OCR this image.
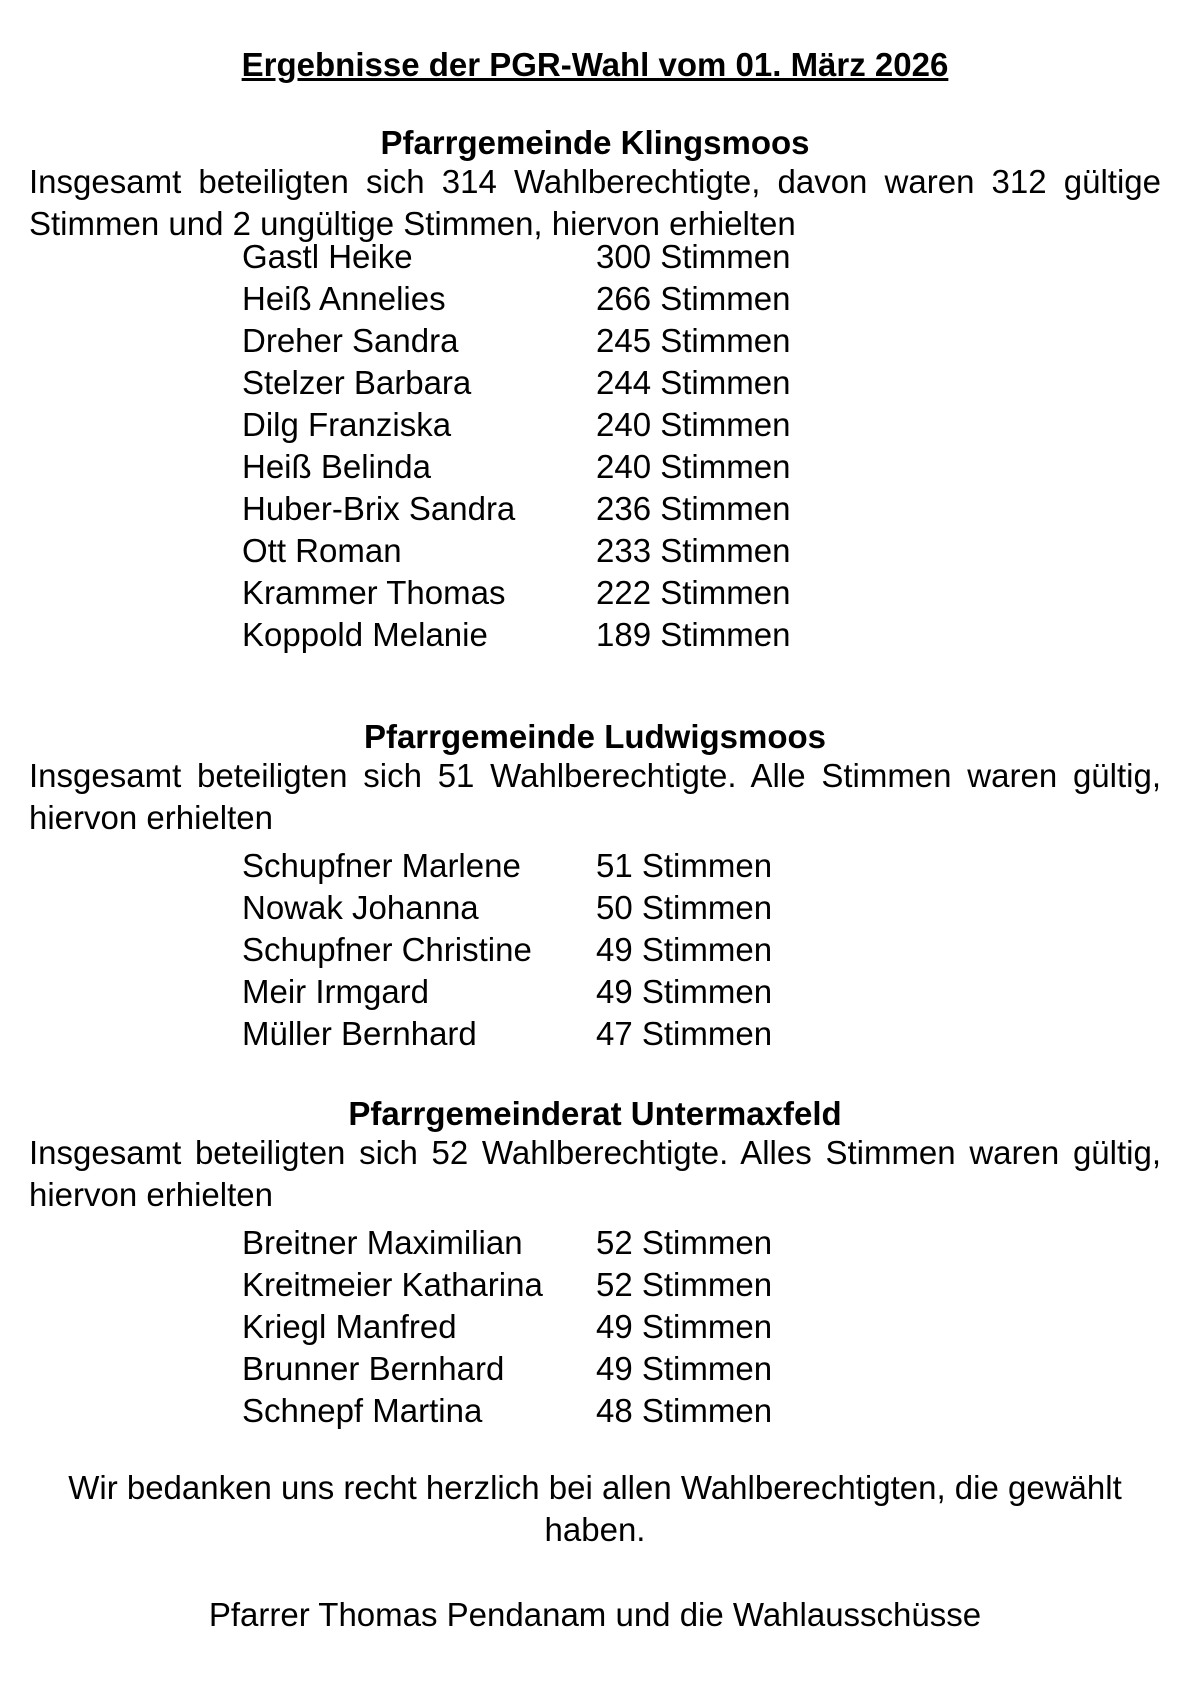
Ergebnisse der PGR-Wahl vom 01. März 2026
Pfarrgemeinde Klingsmoos

Insgesamt beteiligten sich 314 Wahlberechtigte, davon waren 312 gültige Stimmen und 2 ungültige Stimmen, hiervon erhielten

Gastl Heike	300 Stimmen
Heiß Annelies	266 Stimmen
Dreher Sandra	245 Stimmen
Stelzer Barbara	244 Stimmen
Dilg Franziska	240 Stimmen
Heiß Belinda	240 Stimmen
Huber-Brix Sandra 236 Stimmen
Ott Roman	233 Stimmen
Krammer Thomas	222 Stimmen
Koppold Melanie	189 Stimmen
Pfarrgemeinde Ludwigsmoos

Insgesamt beteiligten sich 51 Wahlberechtigte. Alle Stimmen waren gültig, hiervon erhielten

Schupfner Marlene 51 Stimmen
Nowak Johanna	50 Stimmen
Schupfner Christine 49 Stimmen
Meir Irmgard	49 Stimmen
Müller Bernhard	47 Stimmen
Pfarrgemeinderat Untermaxfeld

Insgesamt beteiligten sich 52 Wahlberechtigte. Alles Stimmen waren gültig, hiervon erhielten

Breitner Maximilian 52 Stimmen
Kreitmeier Katharina 52 Stimmen
Kriegl Manfred	49 Stimmen
Brunner Bernhard	49 Stimmen
Schnepf Martina	48 Stimmen

Wir bedanken uns recht herzlich bei allen Wahlberechtigten, die gewählt haben.

Pfarrer Thomas Pendanam und die Wahlausschüsse
